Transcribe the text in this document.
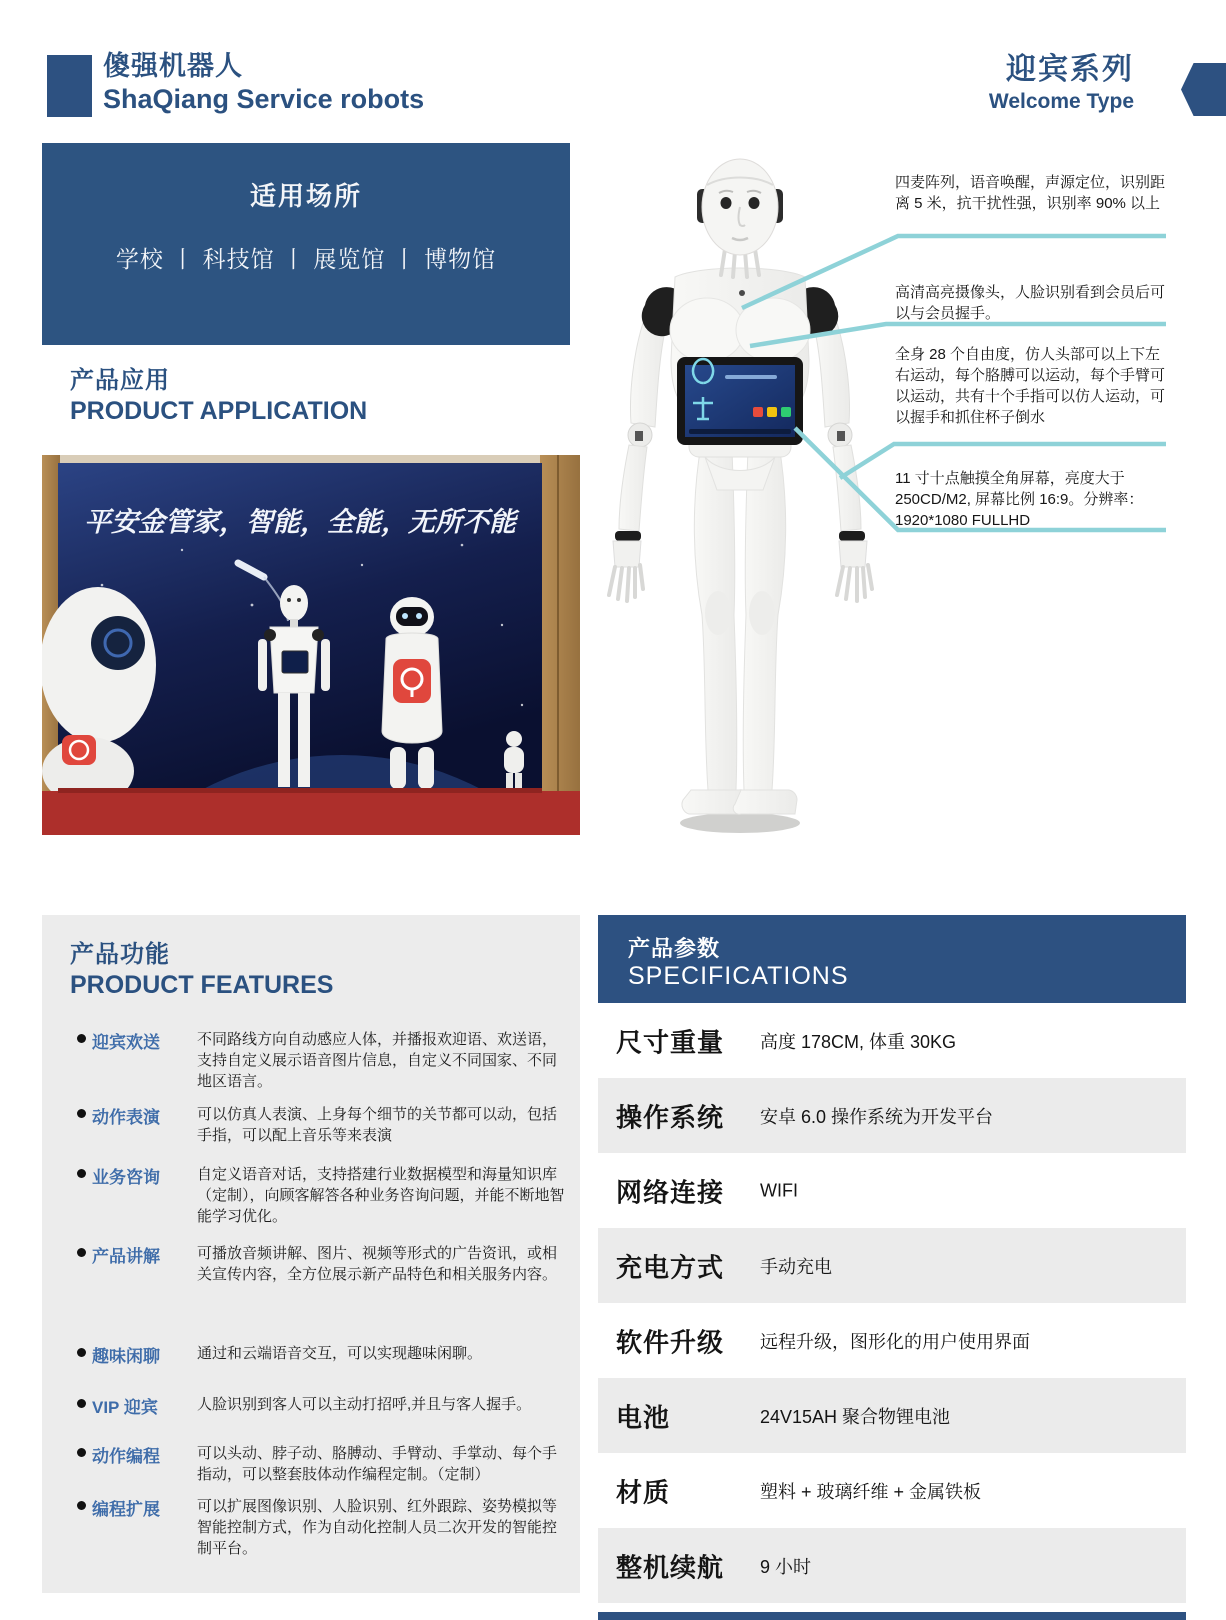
傻强机器人
ShaQiang Service robots
迎宾系列
Welcome Type
适用场所
学校 丨 科技馆 丨 展览馆 丨 博物馆
产品应用
PRODUCT APPLICATION
平安金管家，智能，全能，无所不能
四麦阵列，语音唤醒，声源定位，识别距离 5 米，抗干扰性强，识别率 90% 以上
高清高亮摄像头，人脸识别看到会员后可以与会员握手。
全身 28 个自由度，仿人头部可以上下左右运动，每个胳膊可以运动，每个手臂可以运动，共有十个手指可以仿人运动，可以握手和抓住杯子倒水
11 寸十点触摸全角屏幕，亮度大于 250CD/M2, 屏幕比例 16:9。分辨率：1920*1080 FULLHD
产品功能
PRODUCT FEATURES
迎宾欢送	不同路线方向自动感应人体，并播报欢迎语、欢送语，支持自定义展示语音图片信息，自定义不同国家、不同地区语言。
动作表演	可以仿真人表演、上身每个细节的关节都可以动，包括手指，可以配上音乐等来表演
业务咨询	自定义语音对话，支持搭建行业数据模型和海量知识库（定制），向顾客解答各种业务咨询问题，并能不断地智能学习优化。
产品讲解	可播放音频讲解、图片、视频等形式的广告资讯，或相关宣传内容，全方位展示新产品特色和相关服务内容。
趣味闲聊	通过和云端语音交互，可以实现趣味闲聊。
VIP 迎宾	人脸识别到客人可以主动打招呼,并且与客人握手。
动作编程	可以头动、脖子动、胳膊动、手臂动、手掌动、每个手指动，可以整套肢体动作编程定制。（定制）
编程扩展	可以扩展图像识别、人脸识别、红外跟踪、姿势模拟等智能控制方式，作为自动化控制人员二次开发的智能控制平台。
产品参数
SPECIFICATIONS
尺寸重量 高度 178CM, 体重 30KG
操作系统 安卓 6.0 操作系统为开发平台
网络连接 WIFI
充电方式 手动充电
软件升级 远程升级，图形化的用户使用界面
电池	24V15AH 聚合物锂电池
材质	塑料 + 玻璃纤维 + 金属铁板
整机续航 9 小时
